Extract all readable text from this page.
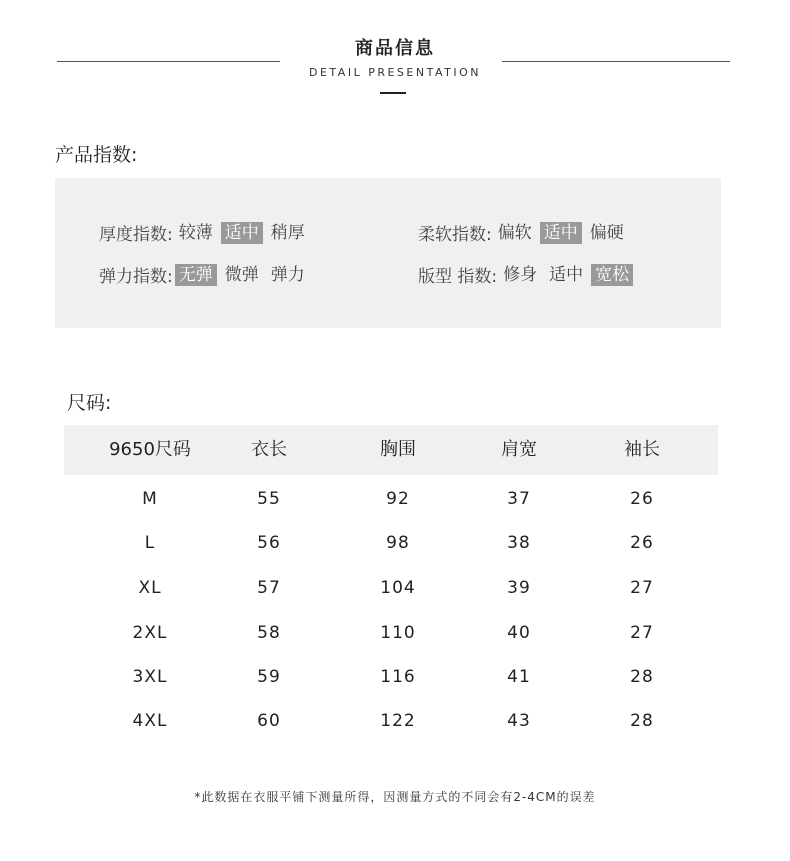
商品信息
DETAIL PRESENTATION
产品指数:
厚度指数: 较薄 适中 稍厚	柔软指数: 偏软 适中 偏硬
弹力指数: 无弹 微弹 弹力	版型 指数: 修身 适中 宽松
尺码:
9650尺码	衣长	胸围	肩宽	袖长
M	55	92	37	26
L	56	98	38	26
XL	57	104	39	27
2XL	58	110	40	27
3XL	59	116	41	28
4XL	60	122	43	28
*此数据在衣服平铺下测量所得，因测量方式的不同会有2-4CM的误差
